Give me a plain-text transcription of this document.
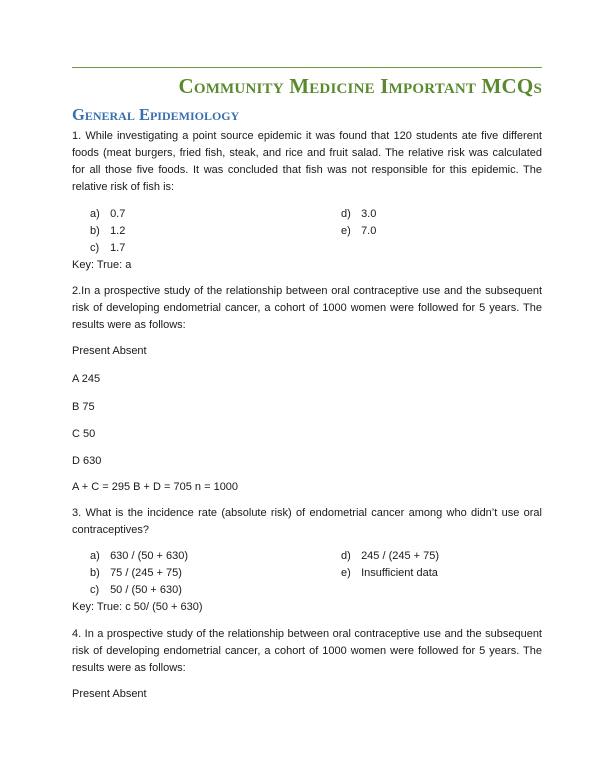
Community Medicine Important MCQs
General Epidemiology
1. While investigating a point source epidemic it was found that 120 students ate five different foods (meat burgers, fried fish, steak, and rice and fruit salad. The relative risk was calculated for all those five foods. It was concluded that fish was not responsible for this epidemic. The relative risk of fish is:
a) 0.7
b) 1.2
c) 1.7
d) 3.0
e) 7.0
Key: True: a
2.In a prospective study of the relationship between oral contraceptive use and the subsequent risk of developing endometrial cancer, a cohort of 1000 women were followed for 5 years. The results were as follows:
Present Absent
A 245
B 75
C 50
D 630
A + C = 295 B + D = 705 n = 1000
3. What is the incidence rate (absolute risk) of endometrial cancer among who didn’t use oral contraceptives?
a) 630 / (50 + 630)
b) 75 / (245 + 75)
c) 50 / (50 + 630)
d) 245 / (245 + 75)
e) Insufficient data
Key: True: c 50/ (50 + 630)
4. In a prospective study of the relationship between oral contraceptive use and the subsequent risk of developing endometrial cancer, a cohort of 1000 women were followed for 5 years. The results were as follows:
Present Absent
